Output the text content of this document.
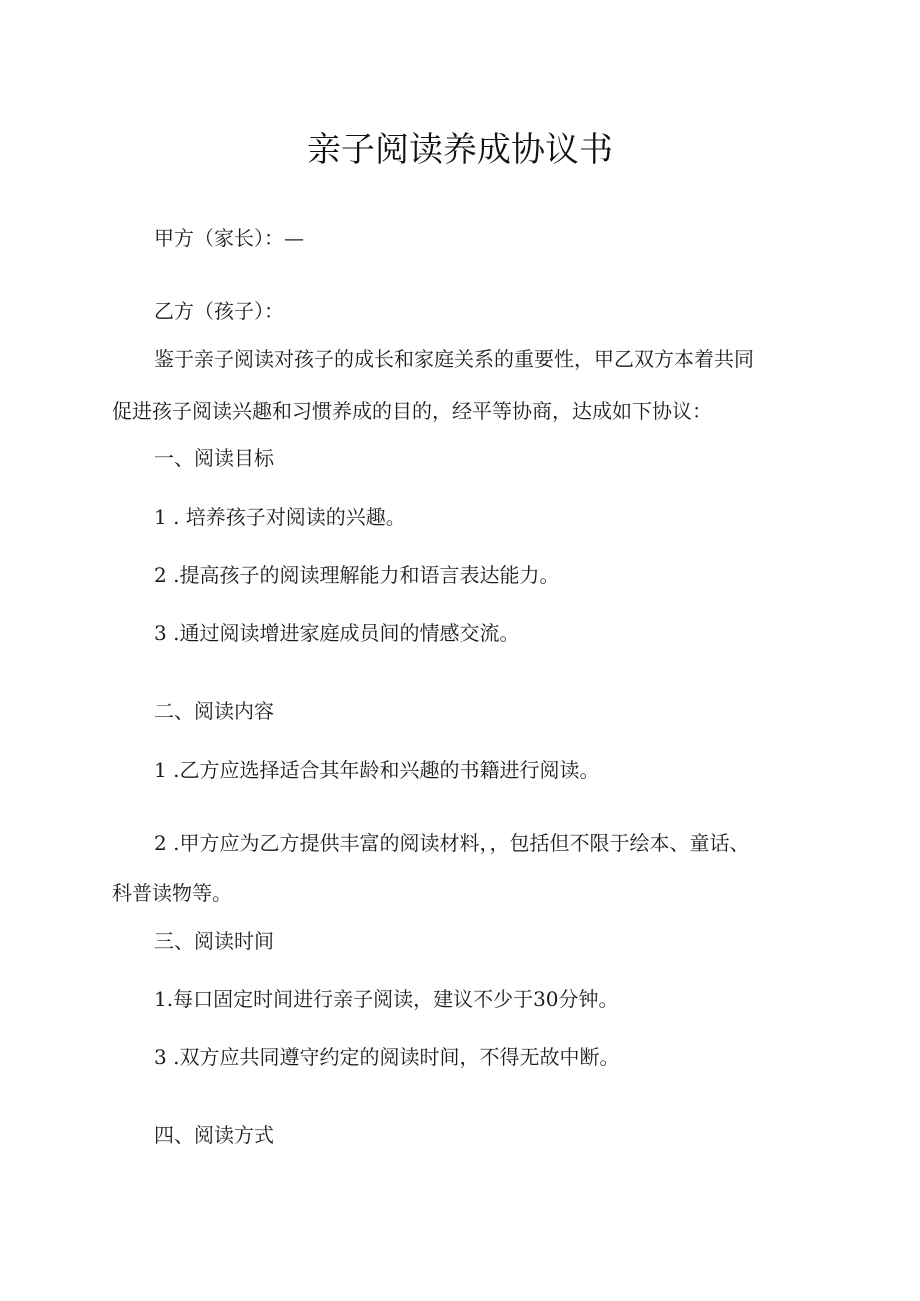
亲子阅读养成协议书
甲方（家长）：—
乙方（孩子）：
鉴于亲子阅读对孩子的成长和家庭关系的重要性，甲乙双方本着共同
促进孩子阅读兴趣和习惯养成的目的，经平等协商，达成如下协议：
一、阅读目标
1 . 培养孩子对阅读的兴趣。
2 .提高孩子的阅读理解能力和语言表达能力。
3 .通过阅读增进家庭成员间的情感交流。
二、阅读内容
1 .乙方应选择适合其年龄和兴趣的书籍进行阅读。
2 .甲方应为乙方提供丰富的阅读材料，，包括但不限于绘本、童话、
科普读物等。
三、阅读时间
1.每口固定时间进行亲子阅读，建议不少于30分钟。
3 .双方应共同遵守约定的阅读时间，不得无故中断。
四、阅读方式
